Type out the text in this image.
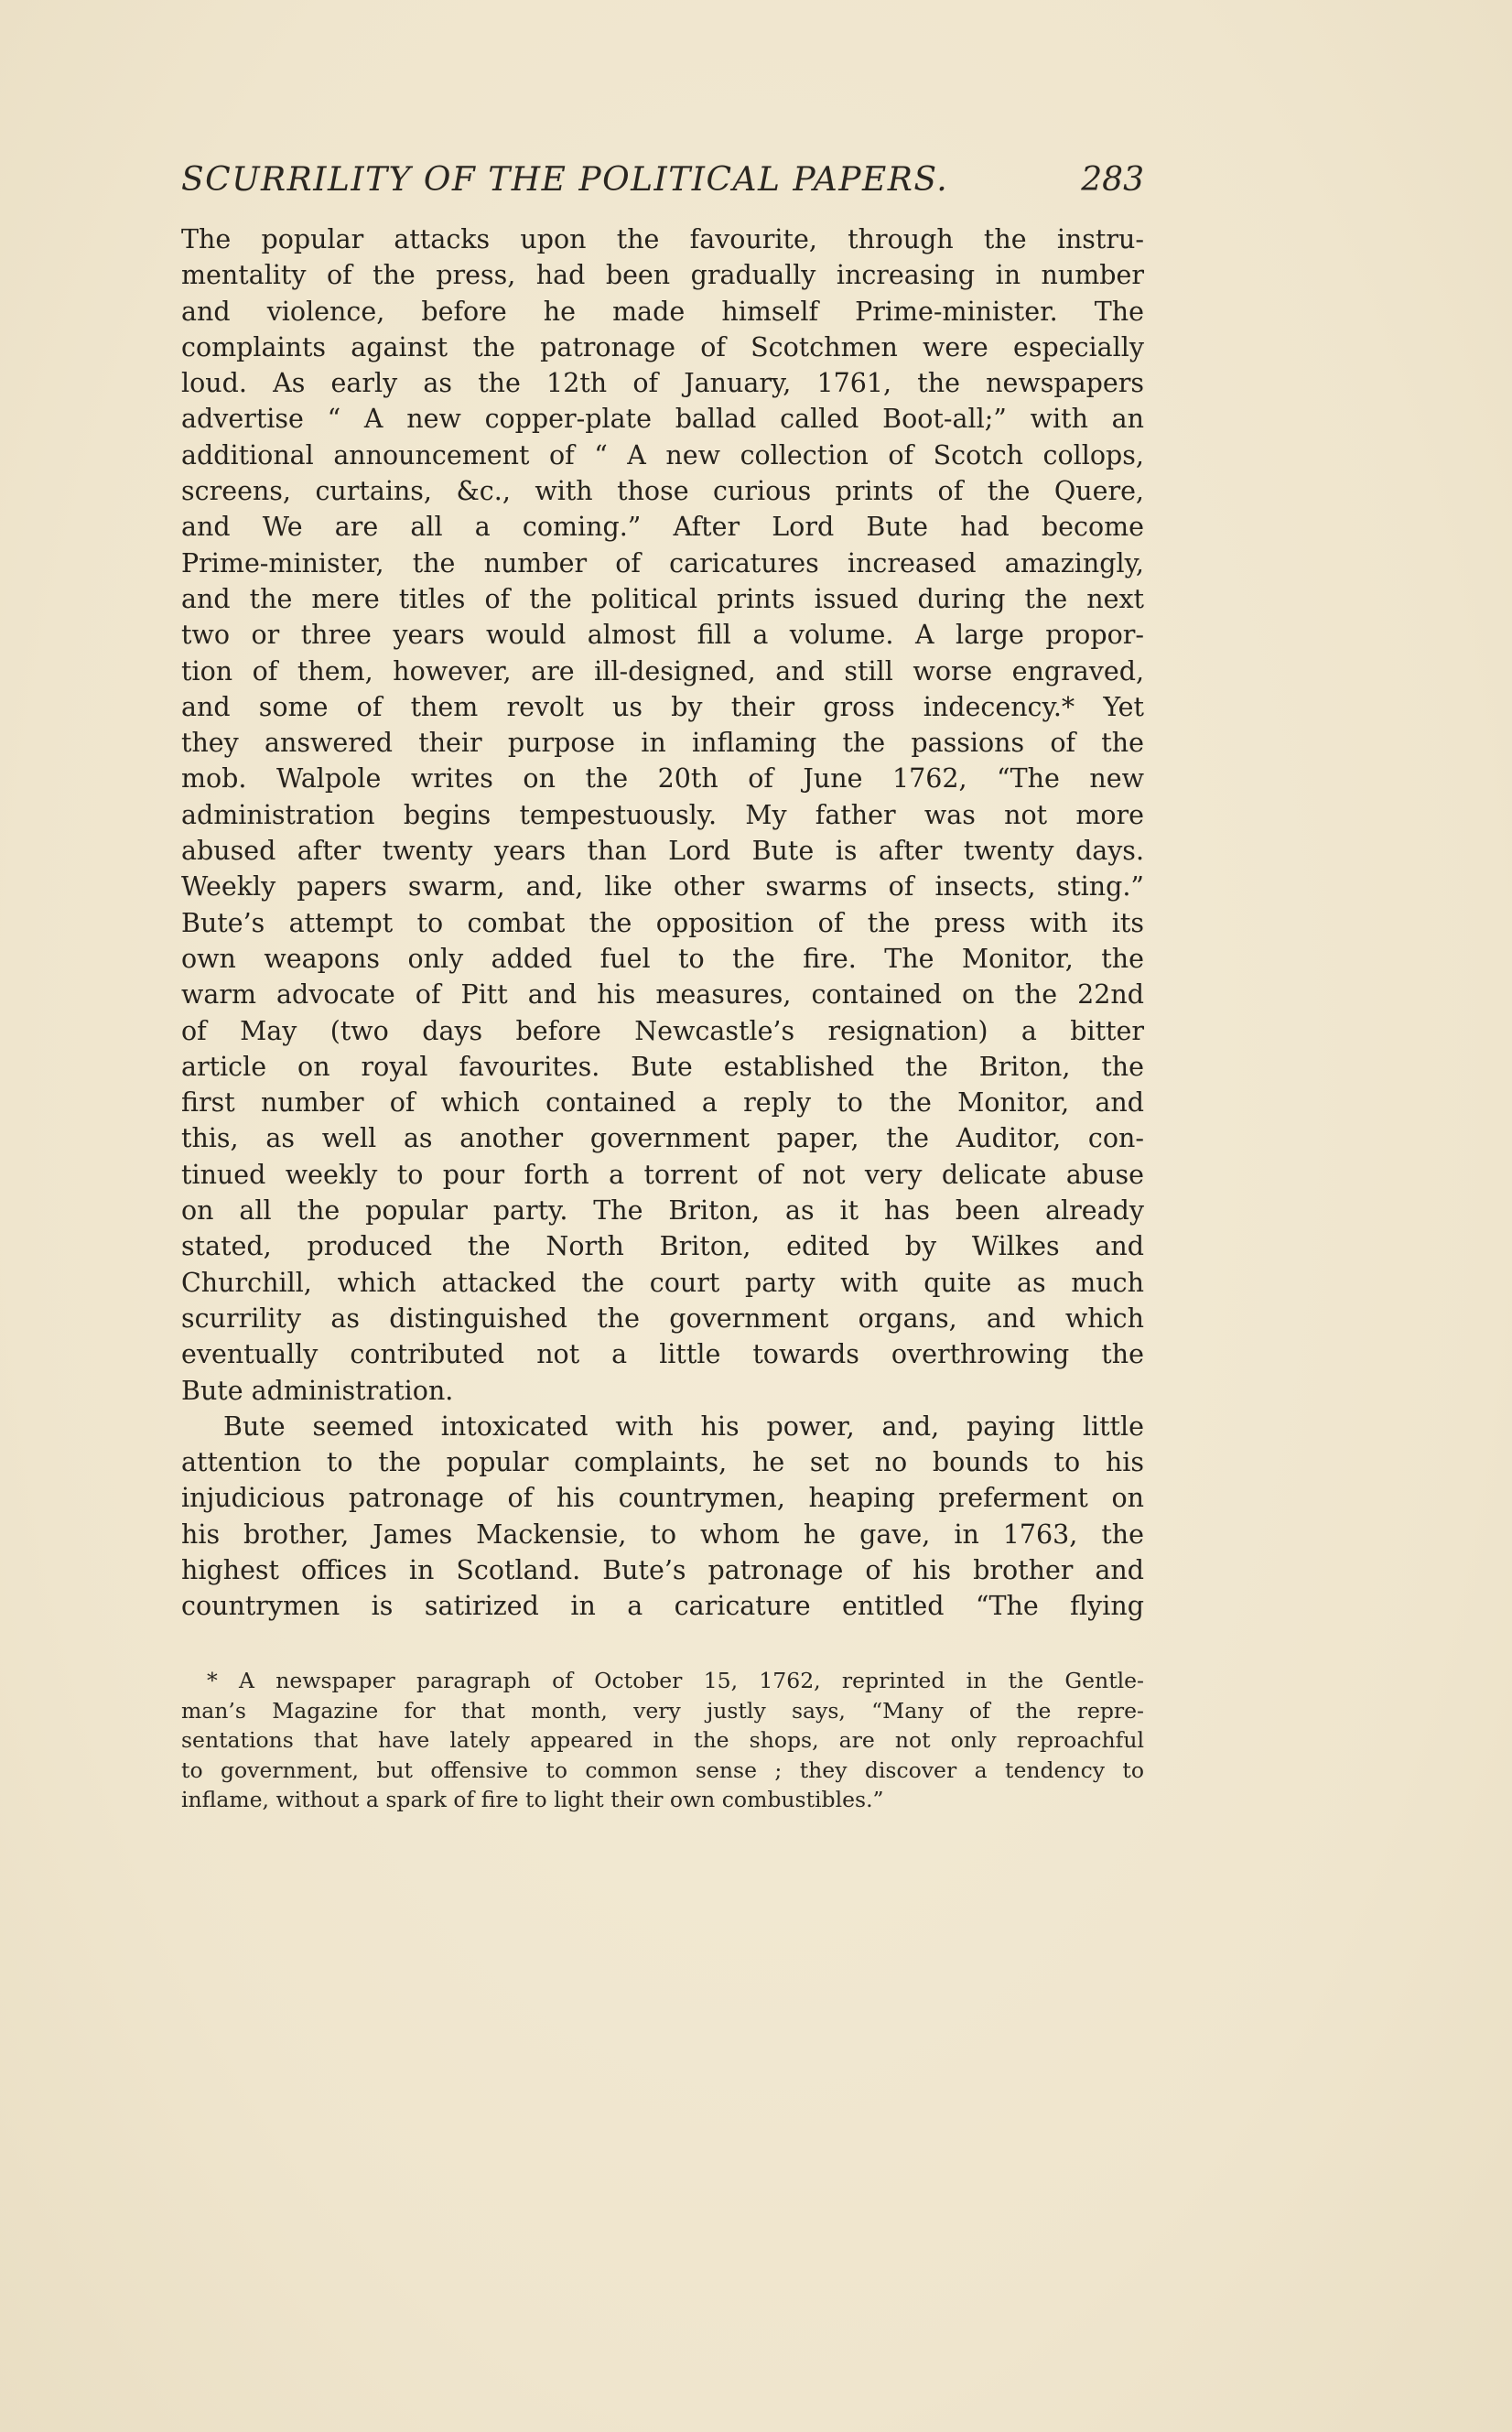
SCURRILITY OF THE POLITICAL PAPERS.	283
The popular attacks upon the favourite, through the instru-
mentality of the press, had been gradually increasing in number
and violence, before he made himself Prime-minister. The
complaints against the patronage of Scotchmen were especially
loud. As early as the 12th of January, 1761, the newspapers
advertise “ A new copper-plate ballad called Boot-all;” with an
additional announcement of “ A new collection of Scotch collops,
screens, curtains, &c., with those curious prints of the Quere,
and We are all a coming.” After Lord Bute had become
Prime-minister, the number of caricatures increased amazingly,
and the mere titles of the political prints issued during the next
two or three years would almost fill a volume. A large propor-
tion of them, however, are ill-designed, and still worse engraved,
and some of them revolt us by their gross indecency.* Yet
they answered their purpose in inflaming the passions of the
mob. Walpole writes on the 20th of June 1762, “The new
administration begins tempestuously. My father was not more
abused after twenty years than Lord Bute is after twenty days.
Weekly papers swarm, and, like other swarms of insects, sting.”
Bute’s attempt to combat the opposition of the press with its
own weapons only added fuel to the fire. The Monitor, the
warm advocate of Pitt and his measures, contained on the 22nd
of May (two days before Newcastle’s resignation) a bitter
article on royal favourites. Bute established the Briton, the
first number of which contained a reply to the Monitor, and
this, as well as another government paper, the Auditor, con-
tinued weekly to pour forth a torrent of not very delicate abuse
on all the popular party. The Briton, as it has been already
stated, produced the North Briton, edited by Wilkes and
Churchill, which attacked the court party with quite as much
scurrility as distinguished the government organs, and which
eventually contributed not a little towards overthrowing the
Bute administration.
Bute seemed intoxicated with his power, and, paying little
attention to the popular complaints, he set no bounds to his
injudicious patronage of his countrymen, heaping preferment on
his brother, James Mackensie, to whom he gave, in 1763, the
highest offices in Scotland. Bute’s patronage of his brother and
countrymen is satirized in a caricature entitled “The flying
* A newspaper paragraph of October 15, 1762, reprinted in the Gentle-
man’s Magazine for that month, very justly says, “Many of the repre-
sentations that have lately appeared in the shops, are not only reproachful
to government, but offensive to common sense ; they discover a tendency to
inflame, without a spark of fire to light their own combustibles.”
